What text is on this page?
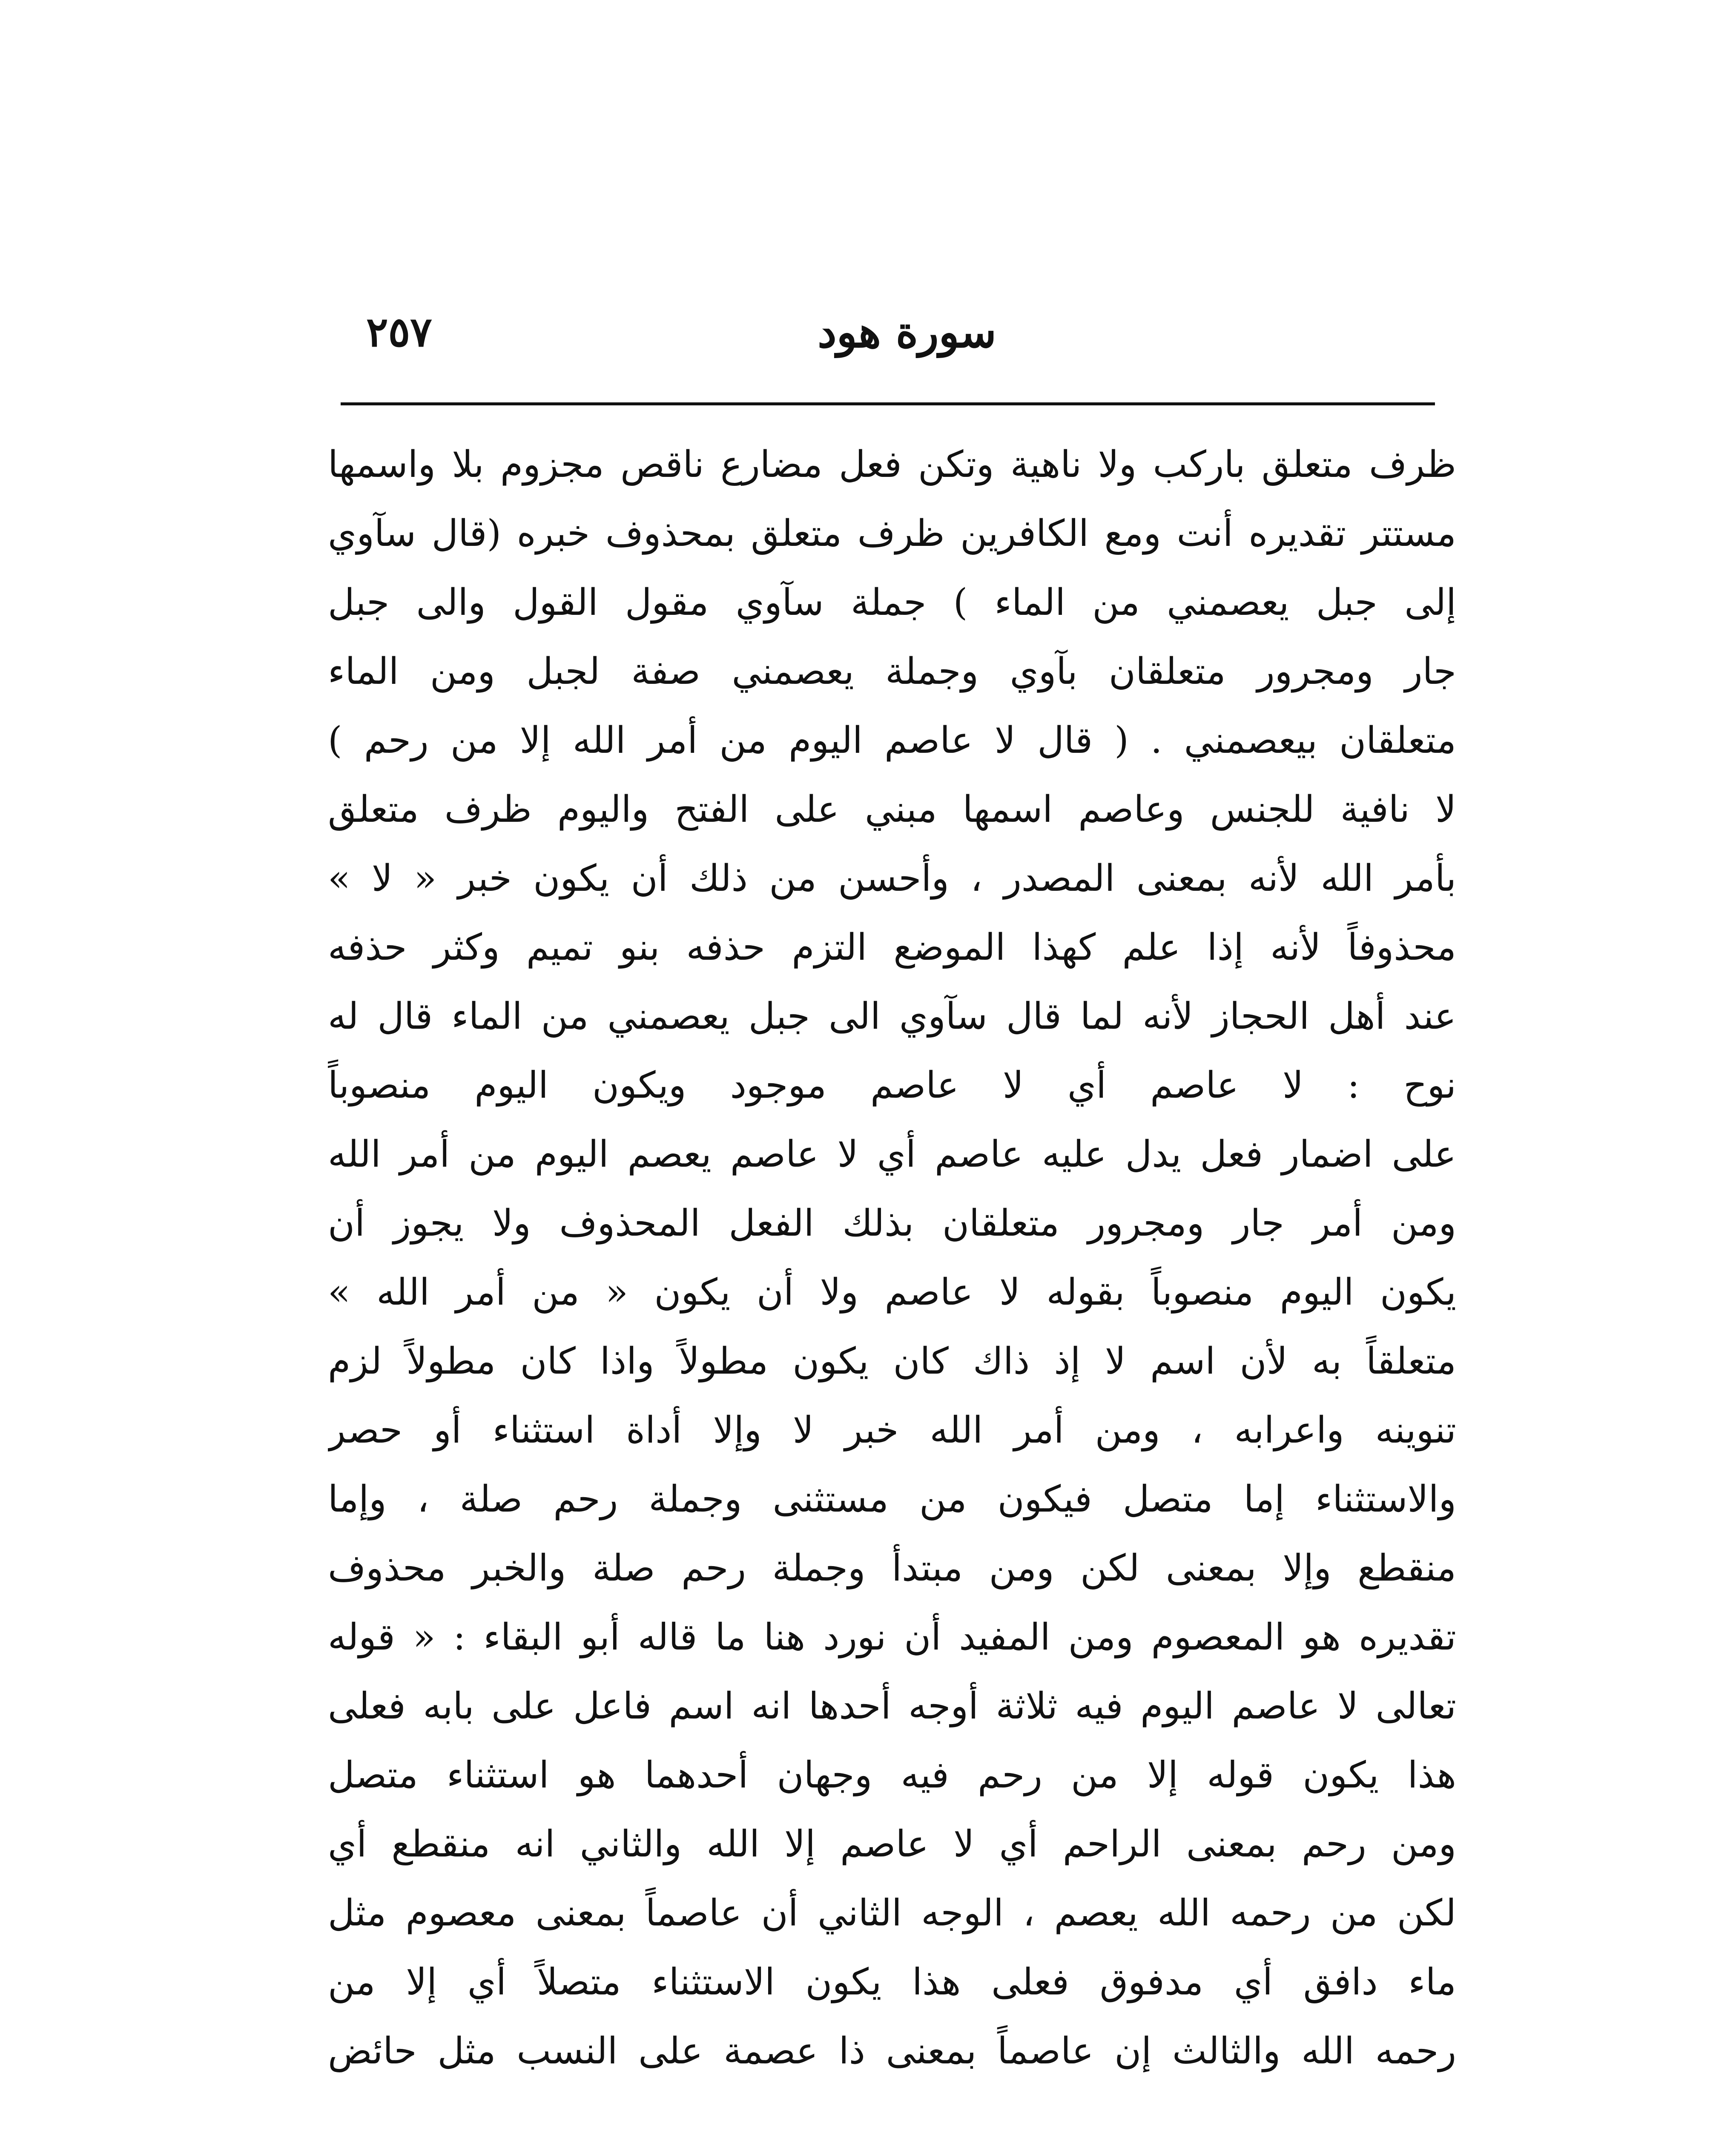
٢٥٧	سورة هود
ظرف متعلق باركب ولا ناهية وتكن فعل مضارع ناقص مجزوم بلا واسمها
مستتر تقديره أنت ومع الكافرين ظرف متعلق بمحذوف خبره (قال سآوي
إلى جبل يعصمني من الماء ) جملة سآوي مقول القول والى جبل
جار ومجرور متعلقان بآوي وجملة يعصمني صفة لجبل ومن الماء
متعلقان بيعصمني . ( قال لا عاصم اليوم من أمر الله إلا من رحم )
لا نافية للجنس وعاصم اسمها مبني على الفتح واليوم ظرف متعلق
بأمر الله لأنه بمعنى المصدر ، وأحسن من ذلك أن يكون خبر « لا »
محذوفاً لأنه إذا علم كهذا الموضع التزم حذفه بنو تميم وكثر حذفه
عند أهل الحجاز لأنه لما قال سآوي الى جبل يعصمني من الماء قال له
نوح : لا عاصم أي لا عاصم موجود ويكون اليوم منصوباً
على اضمار فعل يدل عليه عاصم أي لا عاصم يعصم اليوم من أمر الله
ومن أمر جار ومجرور متعلقان بذلك الفعل المحذوف ولا يجوز أن
يكون اليوم منصوباً بقوله لا عاصم ولا أن يكون « من أمر الله »
متعلقاً به لأن اسم لا إذ ذاك كان يكون مطولاً واذا كان مطولاً لزم
تنوينه واعرابه ، ومن أمر الله خبر لا وإلا أداة استثناء أو حصر
والاستثناء إما متصل فيكون من مستثنى وجملة رحم صلة ، وإما
منقطع وإلا بمعنى لكن ومن مبتدأ وجملة رحم صلة والخبر محذوف
تقديره هو المعصوم ومن المفيد أن نورد هنا ما قاله أبو البقاء : « قوله
تعالى لا عاصم اليوم فيه ثلاثة أوجه أحدها انه اسم فاعل على بابه فعلى
هذا يكون قوله إلا من رحم فيه وجهان أحدهما هو استثناء متصل
ومن رحم بمعنى الراحم أي لا عاصم إلا الله والثاني انه منقطع أي
لكن من رحمه الله يعصم ، الوجه الثاني أن عاصماً بمعنى معصوم مثل
ماء دافق أي مدفوق فعلى هذا يكون الاستثناء متصلاً أي إلا من
رحمه الله والثالث إن عاصماً بمعنى ذا عصمة على النسب مثل حائض
